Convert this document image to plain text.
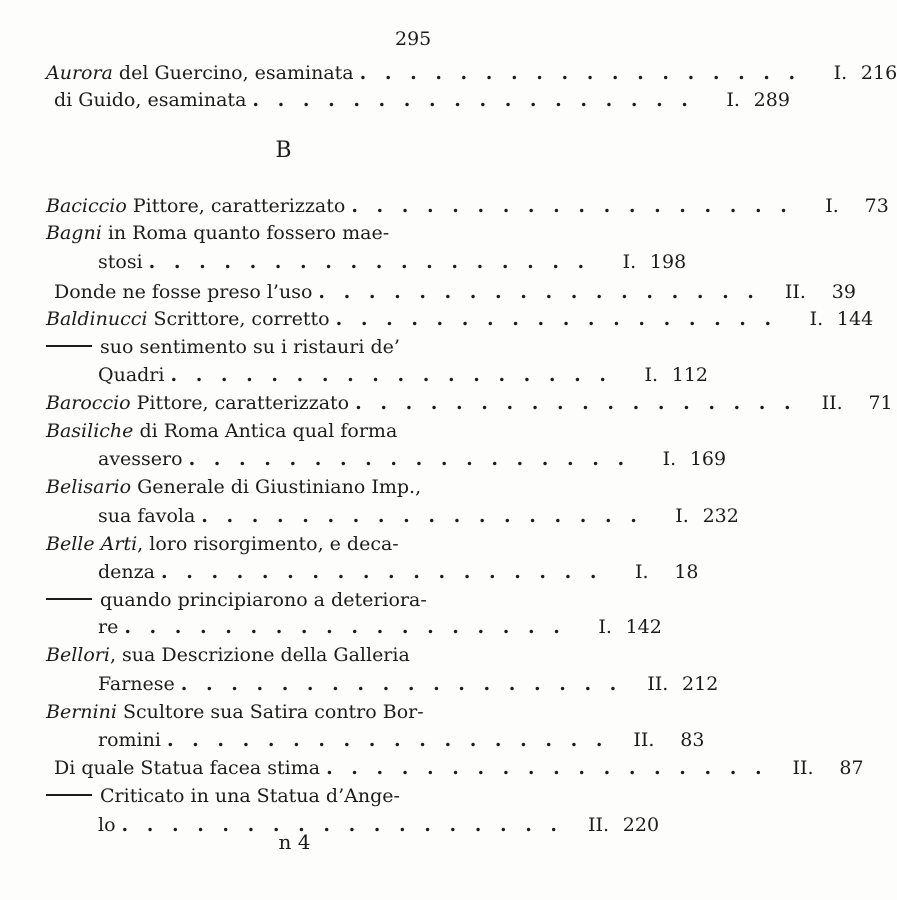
295
B
Aurora del Guercino, esaminata . . . . . . . . . . . . . . . . . .	I. 216
di Guido, esaminata . . . . . . . . . . . . . . . . . .	I. 289
Baciccio Pittore, caratterizzato . . . . . . . . . . . . . . . . . .	I. 73
Bagni in Roma quanto fossero mae-
stosi . . . . . . . . . . . . . . . . . .	I. 198
Donde ne fosse preso l’uso . . . . . . . . . . . . . . . . . .	II. 39
Baldinucci Scrittore, corretto . . . . . . . . . . . . . . . . . .	I. 144
suo sentimento su i ristauri de’
Quadri . . . . . . . . . . . . . . . . . .	I. 112
Baroccio Pittore, caratterizzato . . . . . . . . . . . . . . . . . .	II. 71
Basiliche di Roma Antica qual forma
avessero . . . . . . . . . . . . . . . . . .	I. 169
Belisario Generale di Giustiniano Imp.,
sua favola . . . . . . . . . . . . . . . . . .	I. 232
Belle Arti, loro risorgimento, e deca-
denza . . . . . . . . . . . . . . . . . .	I. 18
quando principiarono a deteriora-
re . . . . . . . . . . . . . . . . . .	I. 142
Bellori, sua Descrizione della Galleria
Farnese . . . . . . . . . . . . . . . . . .	II. 212
Bernini Scultore sua Satira contro Bor-
romini . . . . . . . . . . . . . . . . . .	II. 83
Di quale Statua facea stima . . . . . . . . . . . . . . . . . .	II. 87
Criticato in una Statua d’Ange-
lo . . . . . . . . . . . . . . . . . .	II. 220
n 4
